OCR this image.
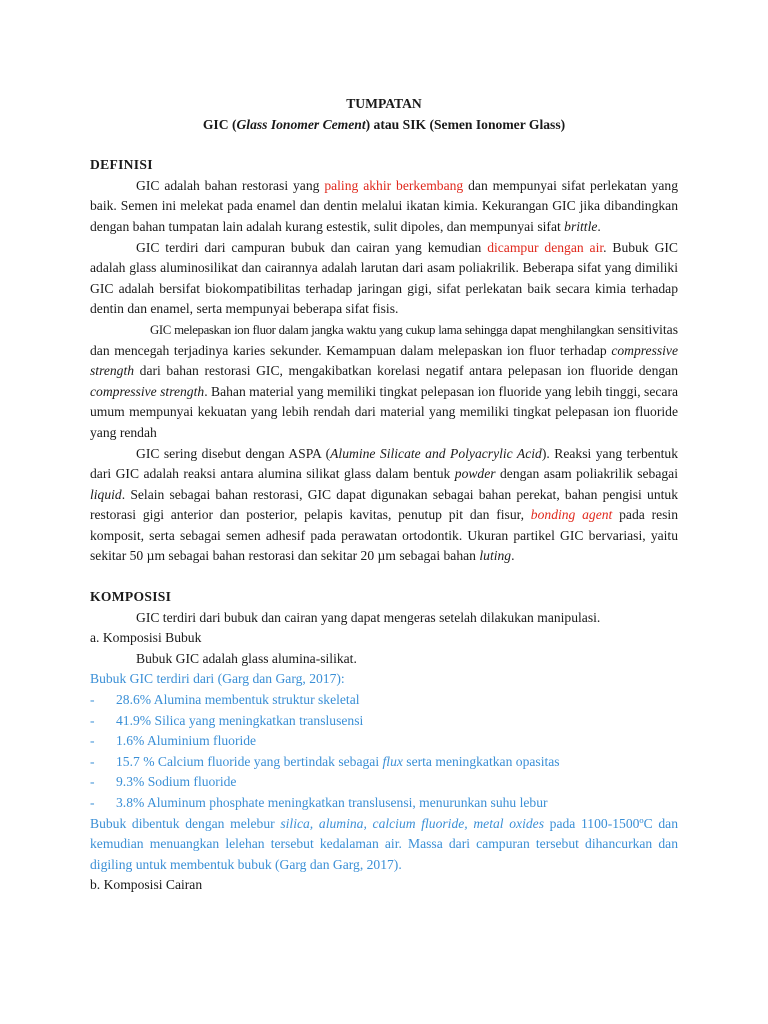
TUMPATAN
GIC (Glass Ionomer Cement) atau SIK (Semen Ionomer Glass)
DEFINISI

GIC adalah bahan restorasi yang paling akhir berkembang dan mempunyai sifat perlekatan yang baik. Semen ini melekat pada enamel dan dentin melalui ikatan kimia. Kekurangan GIC jika dibandingkan dengan bahan tumpatan lain adalah kurang estestik, sulit dipoles, dan mempunyai sifat brittle.

GIC terdiri dari campuran bubuk dan cairan yang kemudian dicampur dengan air. Bubuk GIC adalah glass aluminosilikat dan cairannya adalah larutan dari asam poliakrilik. Beberapa sifat yang dimiliki GIC adalah bersifat biokompatibilitas terhadap jaringan gigi, sifat perlekatan baik secara kimia terhadap dentin dan enamel, serta mempunyai beberapa sifat fisis.

GIC melepaskan ion fluor dalam jangka waktu yang cukup lama sehingga dapat menghilangkan sensitivitas dan mencegah terjadinya karies sekunder. Kemampuan dalam melepaskan ion fluor terhadap compressive strength dari bahan restorasi GIC, mengakibatkan korelasi negatif antara pelepasan ion fluoride dengan compressive strength. Bahan material yang memiliki tingkat pelepasan ion fluoride yang lebih tinggi, secara umum mempunyai kekuatan yang lebih rendah dari material yang memiliki tingkat pelepasan ion fluoride yang rendah

GIC sering disebut dengan ASPA (Alumine Silicate and Polyacrylic Acid). Reaksi yang terbentuk dari GIC adalah reaksi antara alumina silikat glass dalam bentuk powder dengan asam poliakrilik sebagai liquid. Selain sebagai bahan restorasi, GIC dapat digunakan sebagai bahan perekat, bahan pengisi untuk restorasi gigi anterior dan posterior, pelapis kavitas, penutup pit dan fisur, bonding agent pada resin komposit, serta sebagai semen adhesif pada perawatan ortodontik. Ukuran partikel GIC bervariasi, yaitu sekitar 50 µm sebagai bahan restorasi dan sekitar 20 µm sebagai bahan luting.

KOMPOSISI

GIC terdiri dari bubuk dan cairan yang dapat mengeras setelah dilakukan manipulasi.

a. Komposisi Bubuk
Bubuk GIC adalah glass alumina-silikat.
Bubuk GIC terdiri dari (Garg dan Garg, 2017):
-	28.6% Alumina membentuk struktur skeletal
-	41.9% Silica yang meningkatkan translusensi
-	1.6% Aluminium fluoride
-	15.7 % Calcium fluoride yang bertindak sebagai flux serta meningkatkan opasitas
-	9.3% Sodium fluoride
-	3.8% Aluminum phosphate meningkatkan translusensi, menurunkan suhu lebur

Bubuk dibentuk dengan melebur silica, alumina, calcium fluoride, metal oxides pada 1100-1500ºC dan kemudian menuangkan lelehan tersebut kedalaman air. Massa dari campuran tersebut dihancurkan dan digiling untuk membentuk bubuk (Garg dan Garg, 2017).

b. Komposisi Cairan
